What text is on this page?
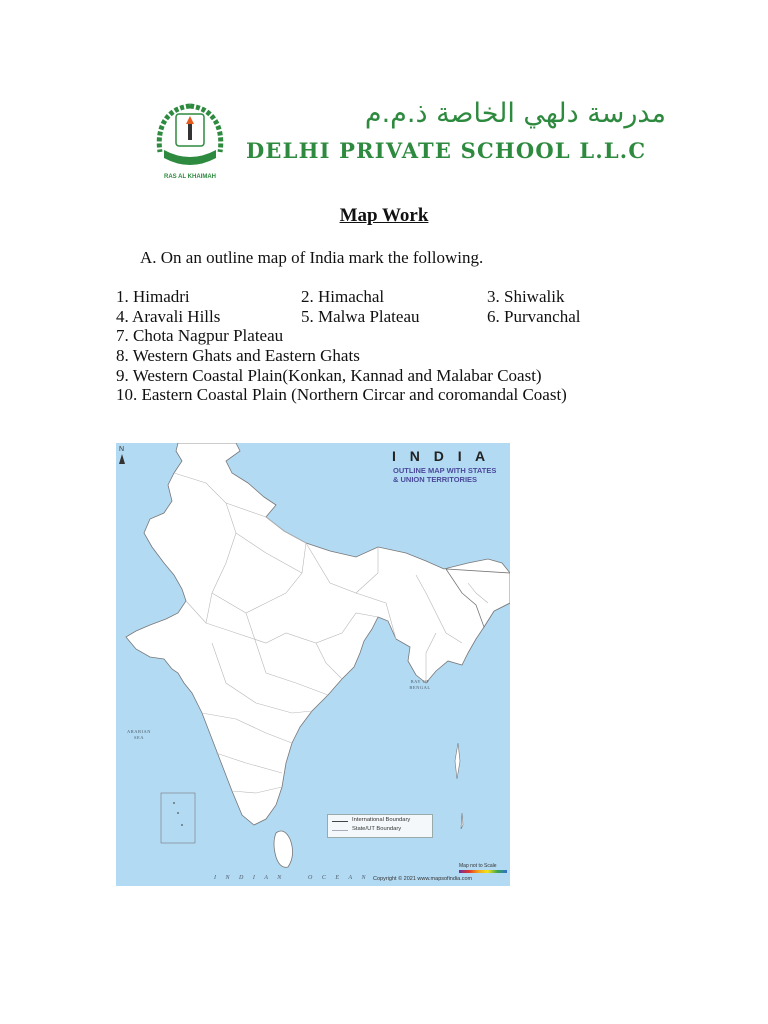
RAS AL KHAIMAH
مدرسة دلهي الخاصة ذ.م.م
DELHI PRIVATE SCHOOL L.L.C
Map Work
A. On an outline map of India mark the following.
1. Himadri	2. Himachal	3. Shiwalik
4. Aravali Hills	5. Malwa Plateau	6. Purvanchal
7. Chota Nagpur Plateau
8. Western Ghats and Eastern Ghats
9. Western Coastal Plain(Konkan, Kannad and Malabar Coast)
10. Eastern Coastal Plain (Northern Circar and coromandal Coast)
N	I N D I A
OUTLINE MAP WITH STATES
& UNION TERRITORIES
ARABIAN SEA
BAY OF BENGAL
I N D I A N	O C E A N
International Boundary
State/UT Boundary
Map not to Scale
Copyright © 2021 www.mapsofindia.com
